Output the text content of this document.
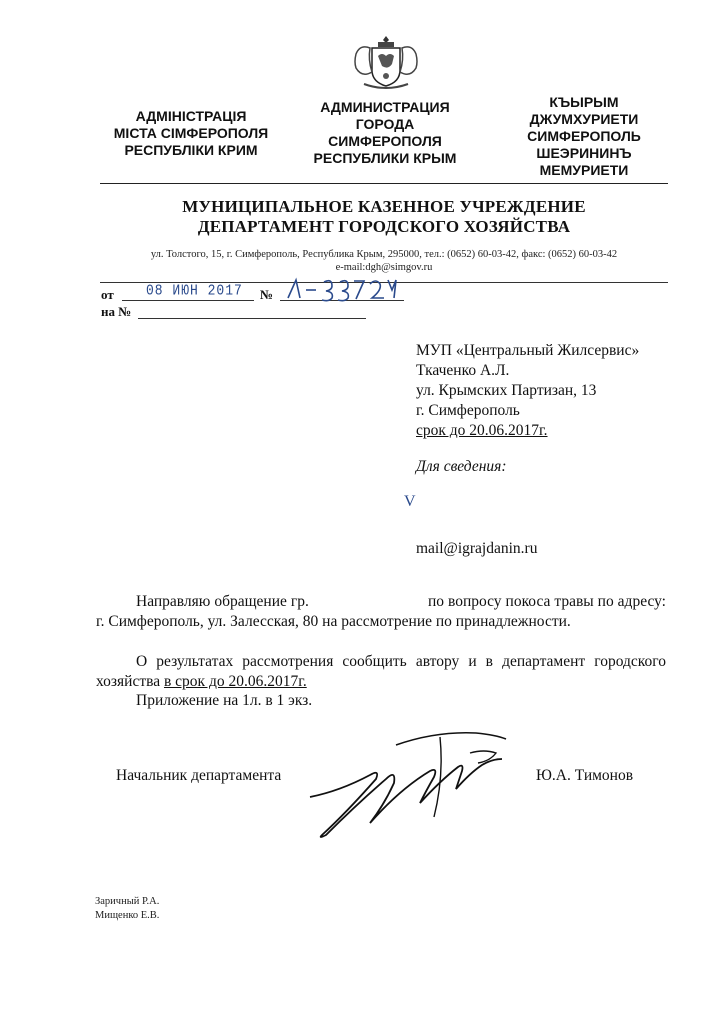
АДМІНІСТРАЦІЯ
МІСТА СІМФЕРОПОЛЯ
РЕСПУБЛІКИ КРИМ
АДМИНИСТРАЦИЯ
ГОРОДА
СИМФЕРОПОЛЯ
РЕСПУБЛИКИ КРЫМ
КЪЫРЫМ
ДЖУМХУРИЕТИ
СИМФЕРОПОЛЬ
ШЕЭРИНИНЪ
МЕМУРИЕТИ
МУНИЦИПАЛЬНОЕ КАЗЕННОЕ УЧРЕЖДЕНИЕ
ДЕПАРТАМЕНТ ГОРОДСКОГО ХОЗЯЙСТВА
ул. Толстого, 15, г. Симферополь, Республика Крым, 295000, тел.: (0652) 60-03-42, факс: (0652) 60-03-42
e-mail:dgh@simgov.ru
от 08 ИЮН 2017 №
на №
МУП «Центральный Жилсервис»
Ткаченко А.Л.
ул. Крымских Партизан, 13
г. Симферополь
срок до 20.06.2017г.
Для сведения:
V
mail@igrajdanin.ru
Направляю обращение гр.                              по вопросу покоса травы по адресу: г. Симферополь, ул. Залесская, 80 на рассмотрение по принадлежности.
О результатах рассмотрения сообщить автору и в департамент городского хозяйства в срок до 20.06.2017г.
Приложение на 1л. в 1 экз.
Начальник департамента	Ю.А. Тимонов
Заричный Р.А.
Мищенко Е.В.
